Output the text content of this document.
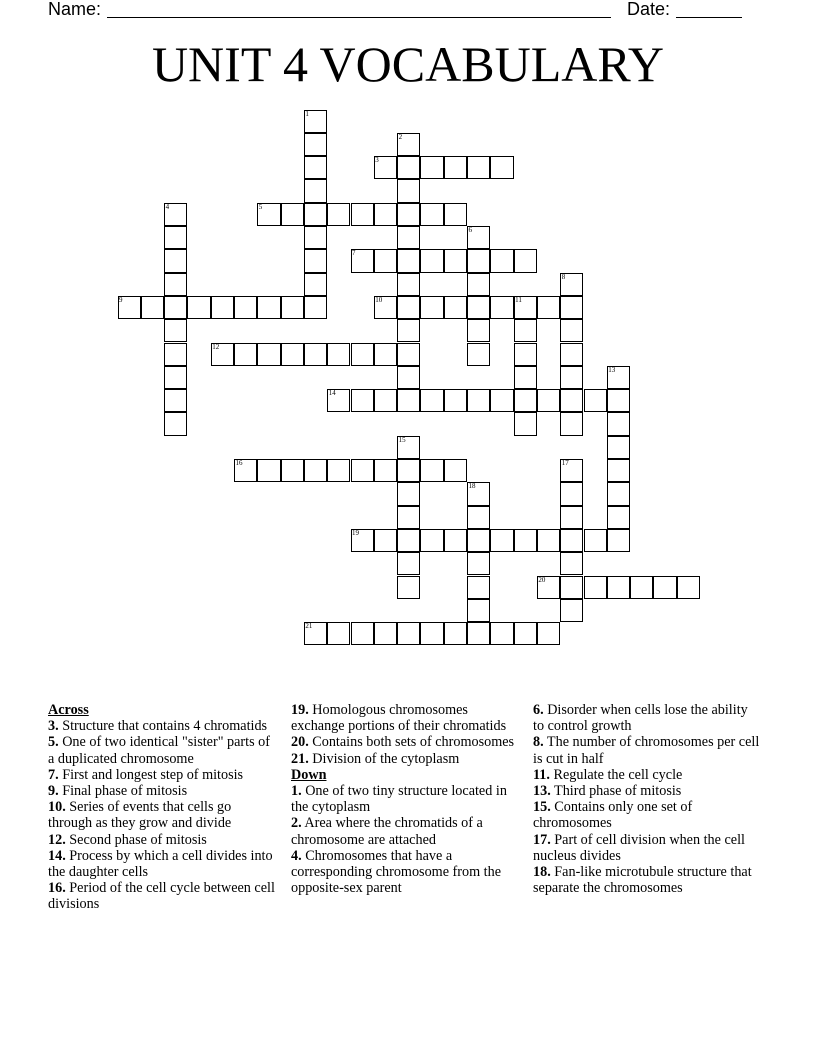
Name:	Date:
UNIT 4 VOCABULARY
1
2
3
4	5
6
7
8
9	10	11
12
13
14
15
16	17
18
19
20
21
Across

3. Structure that contains 4 chromatids

5. One of two identical "sister" parts of a duplicated chromosome

7. First and longest step of mitosis

9. Final phase of mitosis

10. Series of events that cells go through as they grow and divide

12. Second phase of mitosis

14. Process by which a cell divides into the daughter cells

16. Period of the cell cycle between cell divisions

19. Homologous chromosomes exchange portions of their chromatids

20. Contains both sets of chromosomes

21. Division of the cytoplasm

Down

1. One of two tiny structure located in the cytoplasm

2. Area where the chromatids of a chromosome are attached

4. Chromosomes that have a corresponding chromosome from the opposite-sex parent

6. Disorder when cells lose the ability to control growth

8. The number of chromosomes per cell is cut in half

11. Regulate the cell cycle

13. Third phase of mitosis

15. Contains only one set of chromosomes

17. Part of cell division when the cell nucleus divides

18. Fan-like microtubule structure that separate the chromosomes
